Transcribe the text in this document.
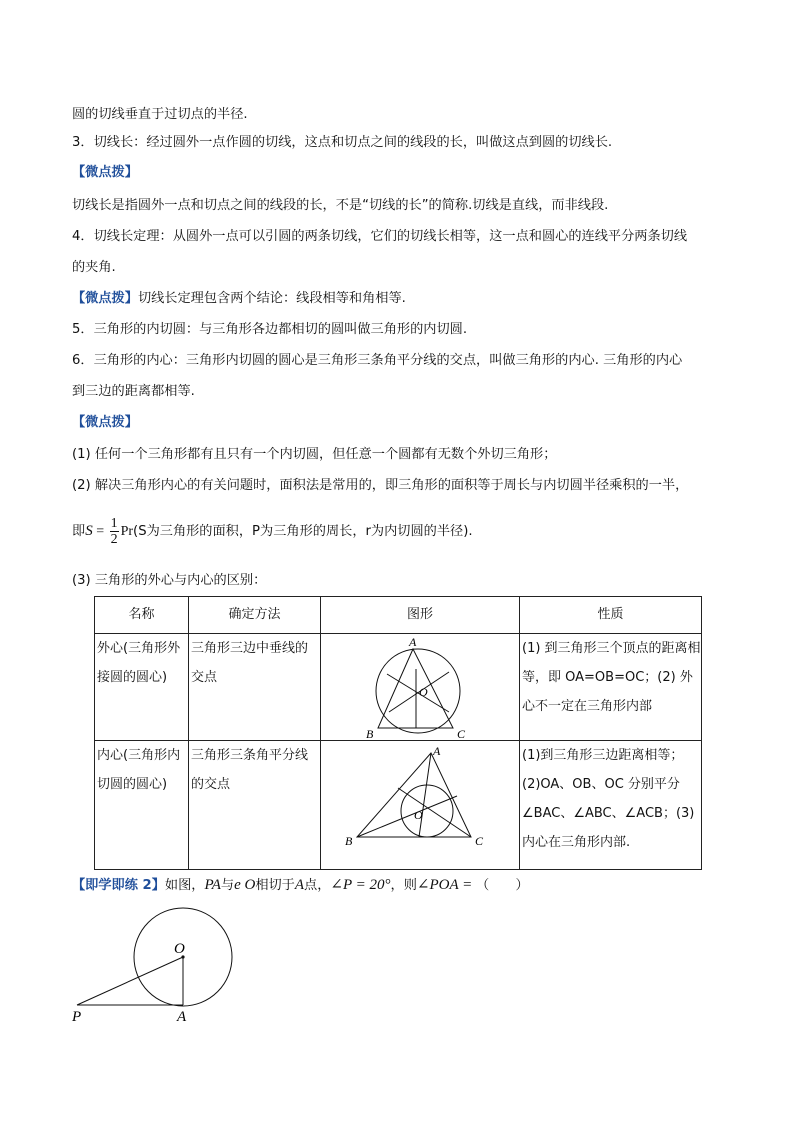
圆的切线垂直于过切点的半径.
3．切线长：经过圆外一点作圆的切线，这点和切点之间的线段的长，叫做这点到圆的切线长.
【微点拨】
切线长是指圆外一点和切点之间的线段的长，不是“切线的长”的简称.切线是直线，而非线段.
4．切线长定理：从圆外一点可以引圆的两条切线，它们的切线长相等，这一点和圆心的连线平分两条切线
的夹角.
【微点拨】切线长定理包含两个结论：线段相等和角相等.
5．三角形的内切圆：与三角形各边都相切的圆叫做三角形的内切圆.
6．三角形的内心：三角形内切圆的圆心是三角形三条角平分线的交点，叫做三角形的内心. 三角形的内心
到三边的距离都相等.
【微点拨】
(1) 任何一个三角形都有且只有一个内切圆，但任意一个圆都有无数个外切三角形；
(2) 解决三角形内心的有关问题时，面积法是常用的，即三角形的面积等于周长与内切圆半径乘积的一半，
即$S = \frac{1}{2} Pr(S$为三角形的面积，P为三角形的周长，r为内切圆的半径).
(3) 三角形的外心与内心的区别：
名称	确定方法	图形	性质
外心(三角形外接圆的圆心)	三角形三边中垂线的交点	A
B C
O	(1) 到三角形三个顶点的距离相等，即 OA=OB=OC；(2) 外心不一定在三角形内部
内心(三角形内切圆的圆心)	三角形三条角平分线的交点	A
B C
O	(1)到三角形三边距离相等；(2)OA、OB、OC 分别平分∠BAC、∠ABC、∠ACB；(3)内心在三角形内部.
【即学即练 2】如图，PA与e O相切于A点，∠P = 20°，则∠POA = （　　）
O
P	A
